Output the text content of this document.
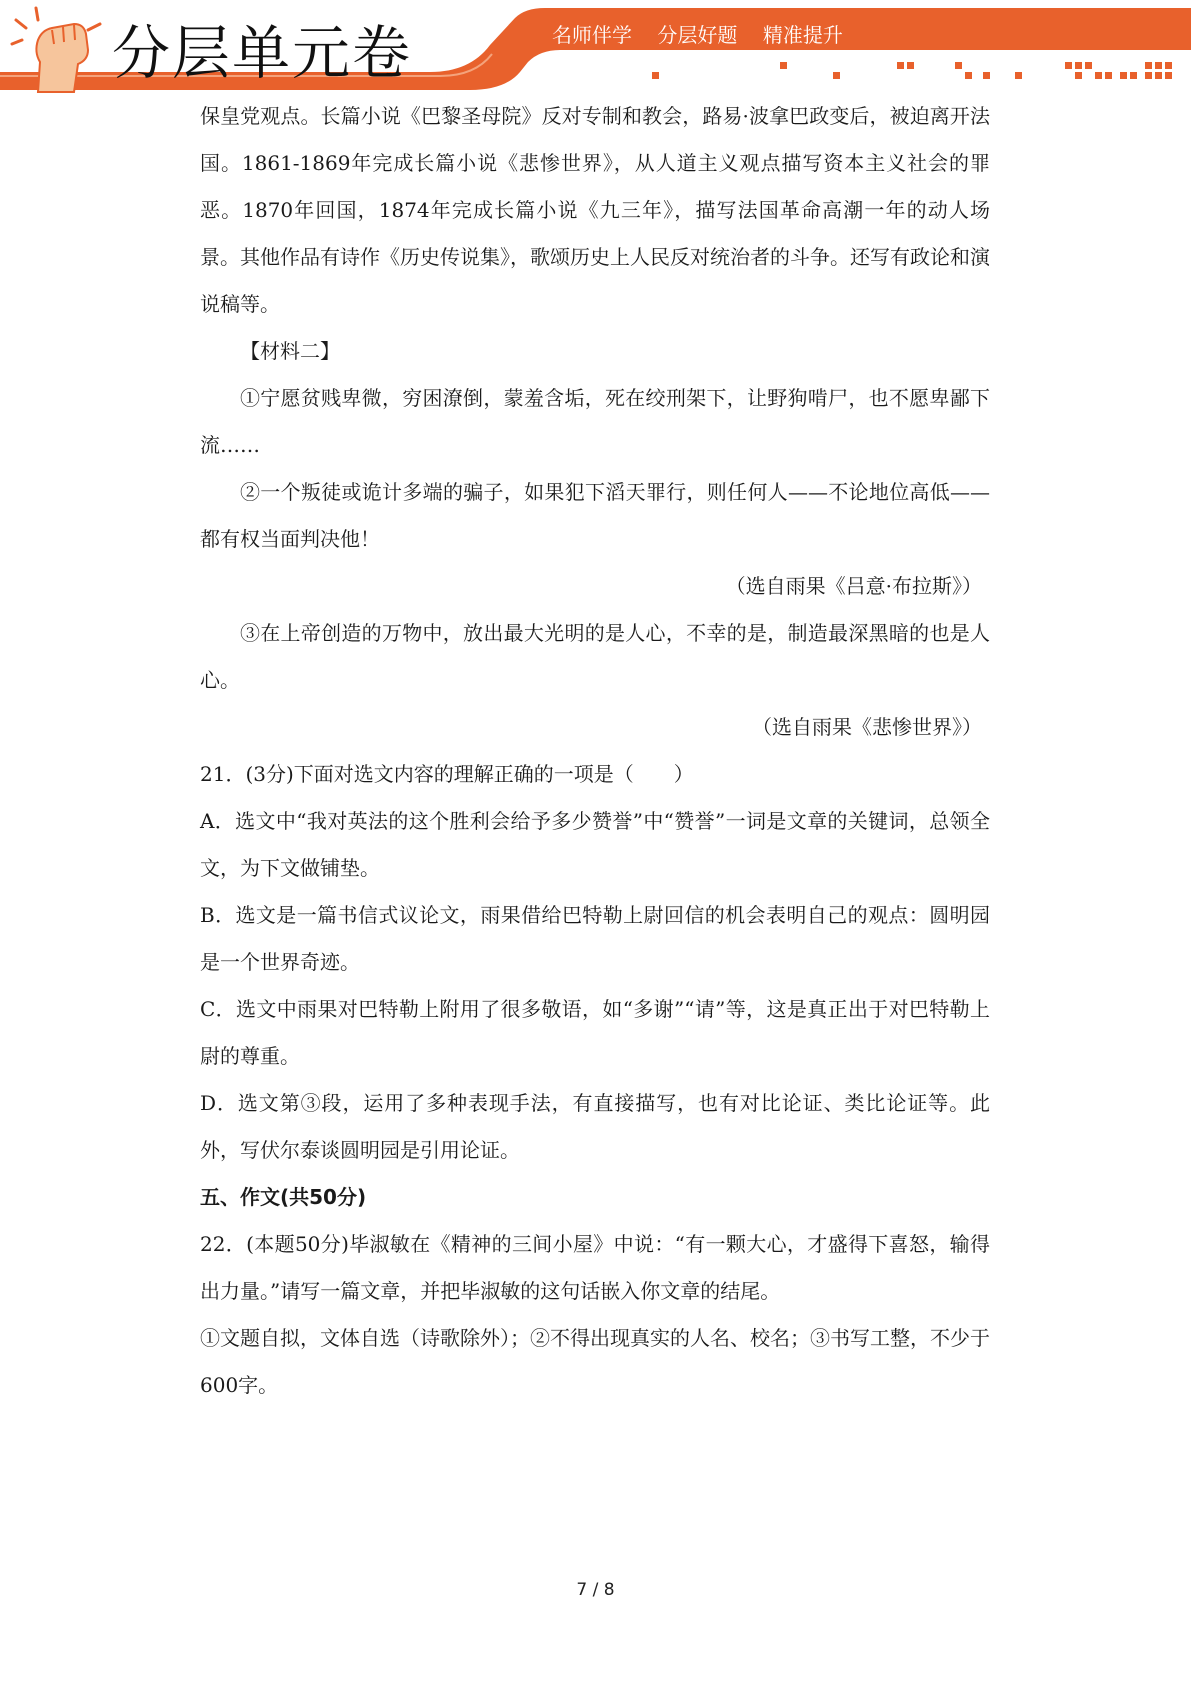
分层单元卷	名师伴学    分层好题    精准提升

保皇党观点。长篇小说《巴黎圣母院》反对专制和教会，路易·波拿巴政变后，被迫离开法国。1861-1869年完成长篇小说《悲惨世界》，从人道主义观点描写资本主义社会的罪恶。1870年回国，1874年完成长篇小说《九三年》，描写法国革命高潮一年的动人场景。其他作品有诗作《历史传说集》，歌颂历史上人民反对统治者的斗争。还写有政论和演说稿等。

【材料二】

①宁愿贫贱卑微，穷困潦倒，蒙羞含垢，死在绞刑架下，让野狗啃尸，也不愿卑鄙下流……

②一个叛徒或诡计多端的骗子，如果犯下滔天罪行，则任何人——不论地位高低——都有权当面判决他！

（选自雨果《吕意·布拉斯》）

③在上帝创造的万物中，放出最大光明的是人心，不幸的是，制造最深黑暗的也是人心。

（选自雨果《悲惨世界》）

21．(3分)下面对选文内容的理解正确的一项是（　　）

A．选文中“我对英法的这个胜利会给予多少赞誉”中“赞誉”一词是文章的关键词，总领全文，为下文做铺垫。

B．选文是一篇书信式议论文，雨果借给巴特勒上尉回信的机会表明自己的观点：圆明园是一个世界奇迹。

C．选文中雨果对巴特勒上附用了很多敬语，如“多谢”“请”等，这是真正出于对巴特勒上尉的尊重。

D．选文第③段，运用了多种表现手法，有直接描写，也有对比论证、类比论证等。此外，写伏尔泰谈圆明园是引用论证。

五、作文(共50分)

22．(本题50分)毕淑敏在《精神的三间小屋》中说：“有一颗大心，才盛得下喜怒，输得出力量。”请写一篇文章，并把毕淑敏的这句话嵌入你文章的结尾。

①文题自拟，文体自选（诗歌除外）；②不得出现真实的人名、校名；③书写工整，不少于600字。

7 / 8
